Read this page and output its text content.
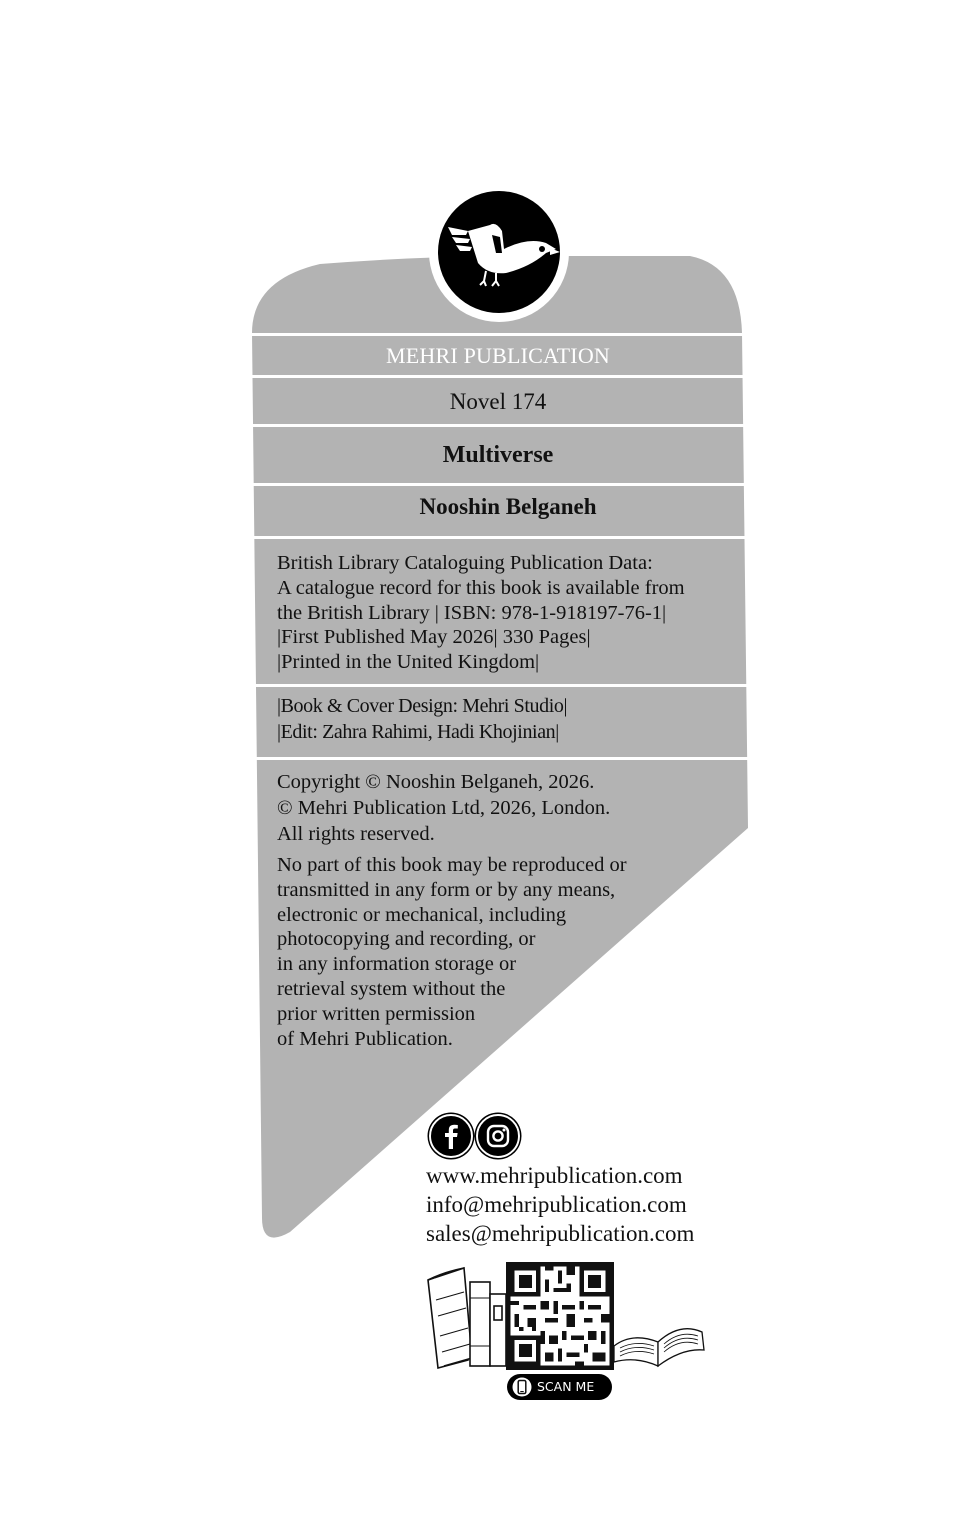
MEHRI PUBLICATION
Novel 174
Multiverse
Nooshin Belganeh
British Library Cataloguing Publication Data:
A catalogue record for this book is available from
the British Library | ISBN: 978-1-918197-76-1|
|First Published May 2026| 330 Pages|
|Printed in the United Kingdom|
|Book & Cover Design: Mehri Studio|
|Edit: Zahra Rahimi, Hadi Khojinian|
Copyright © Nooshin Belganeh, 2026.
© Mehri Publication Ltd, 2026, London.
All rights reserved.
No part of this book may be reproduced or
transmitted in any form or by any means,
electronic or mechanical, including
photocopying and recording, or
in any information storage or
retrieval system without the
prior written permission
of Mehri Publication.
www.mehripublication.com
info@mehripublication.com
sales@mehripublication.com
SCAN ME
